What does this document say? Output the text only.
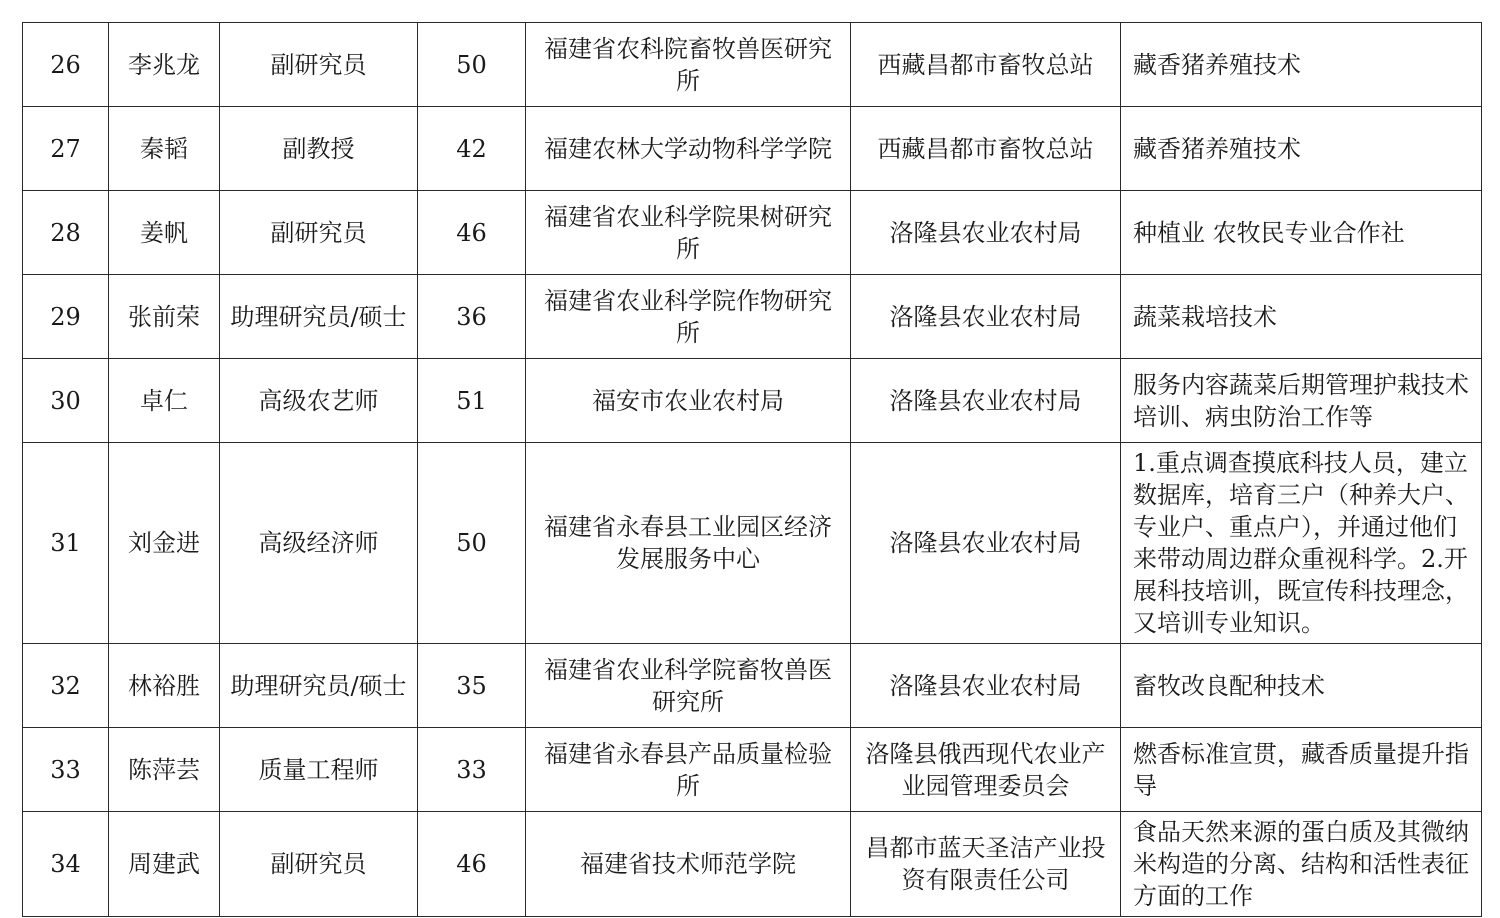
26	李兆龙	副研究员	50	福建省农科院畜牧兽医研究所	西藏昌都市畜牧总站	藏香猪养殖技术
27	秦韬	副教授	42	福建农林大学动物科学学院	西藏昌都市畜牧总站	藏香猪养殖技术
28	姜帆	副研究员	46	福建省农业科学院果树研究所	洛隆县农业农村局	种植业 农牧民专业合作社
29	张前荣	助理研究员/硕士	36	福建省农业科学院作物研究所	洛隆县农业农村局	蔬菜栽培技术
30	卓仁	高级农艺师	51	福安市农业农村局	洛隆县农业农村局	服务内容蔬菜后期管理护栽技术培训、病虫防治工作等
31	刘金进	高级经济师	50	福建省永春县工业园区经济发展服务中心	洛隆县农业农村局	1.重点调查摸底科技人员，建立数据库，培育三户（种养大户、专业户、重点户），并通过他们来带动周边群众重视科学。2.开展科技培训，既宣传科技理念，又培训专业知识。
32	林裕胜	助理研究员/硕士	35	福建省农业科学院畜牧兽医研究所	洛隆县农业农村局	畜牧改良配种技术
33	陈萍芸	质量工程师	33	福建省永春县产品质量检验所	洛隆县俄西现代农业产业园管理委员会	燃香标准宣贯，藏香质量提升指导
34	周建武	副研究员	46	福建省技术师范学院	昌都市蓝天圣洁产业投资有限责任公司	食品天然来源的蛋白质及其微纳米构造的分离、结构和活性表征方面的工作
